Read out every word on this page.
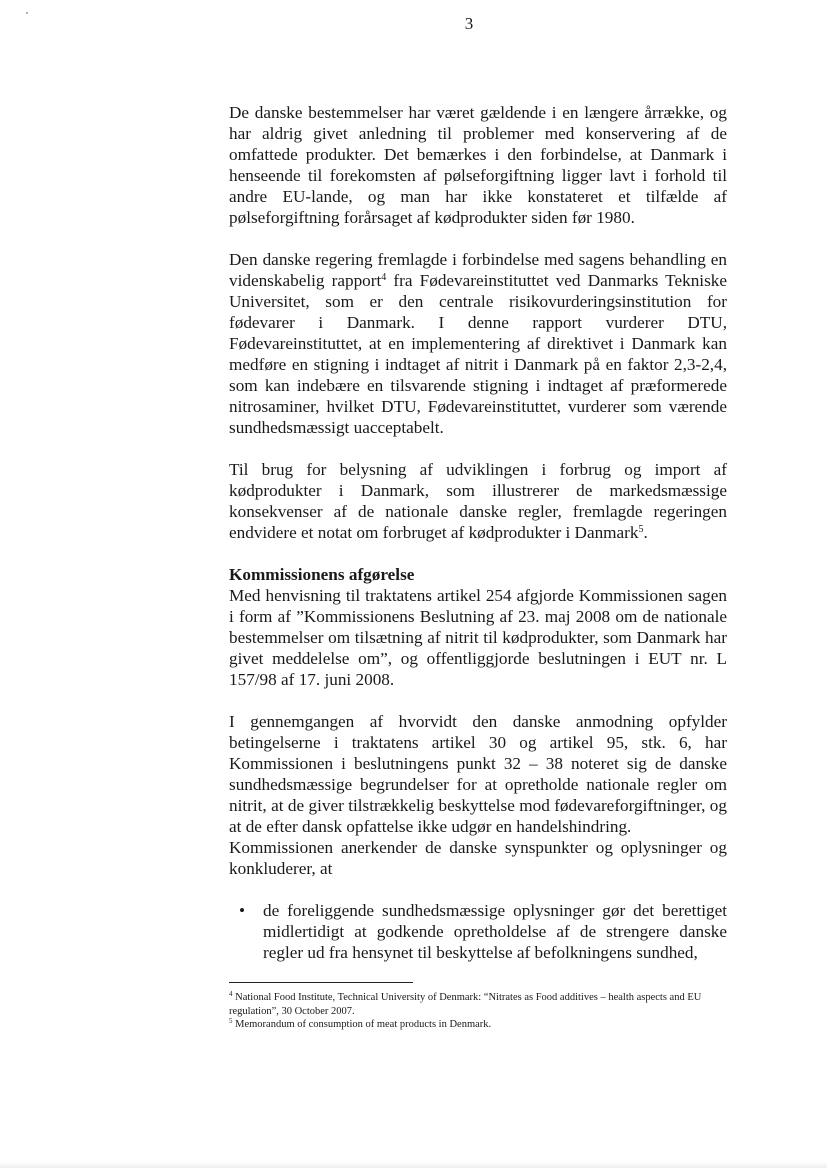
3

De danske bestemmelser har været gældende i en længere årrække, og har aldrig givet anledning til problemer med konservering af de omfattede produkter. Det bemærkes i den forbindelse, at Danmark i henseende til forekomsten af pølseforgiftning ligger lavt i forhold til andre EU-lande, og man har ikke konstateret et tilfælde af pølseforgiftning forårsaget af kødprodukter siden før 1980.

Den danske regering fremlagde i forbindelse med sagens behandling en videnskabelig rapport$^4$ fra Fødevareinstituttet ved Danmarks Tekniske Universitet, som er den centrale risikovurderingsinstitution for fødevarer i Danmark. I denne rapport vurderer DTU, Fødevareinstituttet, at en implementering af direktivet i Danmark kan medføre en stigning i indtaget af nitrit i Danmark på en faktor 2,3-2,4, som kan indebære en tilsvarende stigning i indtaget af præformerede nitrosaminer, hvilket DTU, Fødevareinstituttet, vurderer som værende sundhedsmæssigt uacceptabelt.

Til brug for belysning af udviklingen i forbrug og import af kødprodukter i Danmark, som illustrerer de markedsmæssige konsekvenser af de nationale danske regler, fremlagde regeringen endvidere et notat om forbruget af kødprodukter i Danmark$^5$.

Kommissionens afgørelse

Med henvisning til traktatens artikel 254 afgjorde Kommissionen sagen i form af ”Kommissionens Beslutning af 23. maj 2008 om de nationale bestemmelser om tilsætning af nitrit til kødprodukter, som Danmark har givet meddelelse om”, og offentliggjorde beslutningen i EUT nr. L 157/98 af 17. juni 2008.

I gennemgangen af hvorvidt den danske anmodning opfylder betingelserne i traktatens artikel 30 og artikel 95, stk. 6, har Kommissionen i beslutningens punkt 32 – 38 noteret sig de danske sundhedsmæssige begrundelser for at opretholde nationale regler om nitrit, at de giver tilstrækkelig beskyttelse mod fødevareforgiftninger, og at de efter dansk opfattelse ikke udgør en handelshindring.

Kommissionen anerkender de danske synspunkter og oplysninger og konkluderer, at

• de foreliggende sundhedsmæssige oplysninger gør det berettiget midlertidigt at godkende opretholdelse af de strengere danske regler ud fra hensynet til beskyttelse af befolkningens sundhed,

$^4$ National Food Institute, Technical University of Denmark: “Nitrates as Food additives – health aspects and EU regulation”, 30 October 2007.

$^5$ Memorandum of consumption of meat products in Denmark.
